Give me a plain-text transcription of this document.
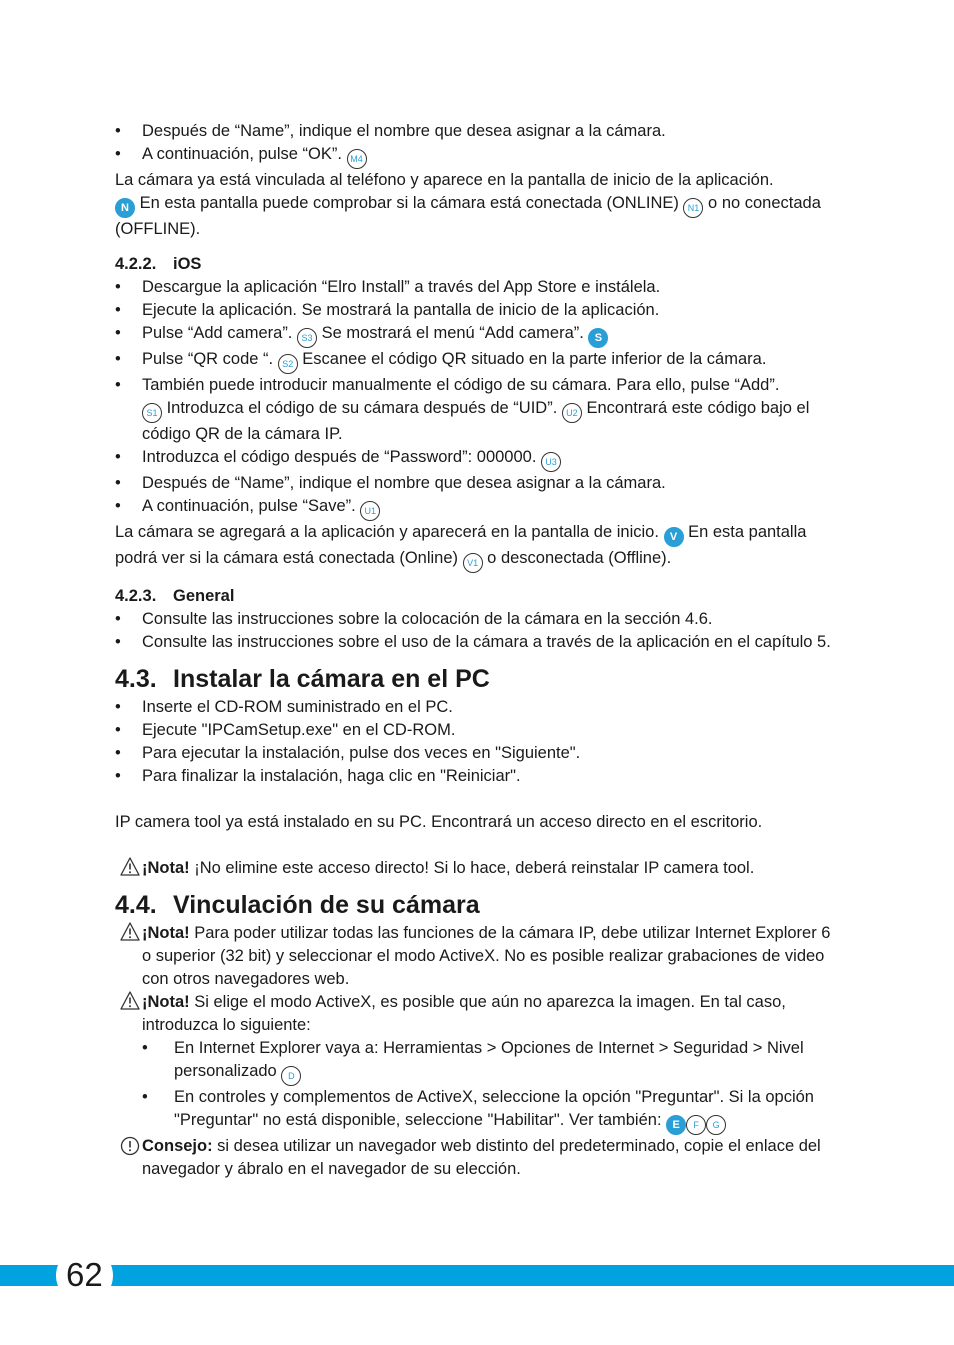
• Después de “Name”, indique el nombre que desea asignar a la cámara.

• A continuación, pulse “OK”. M4

La cámara ya está vinculada al teléfono y aparece en la pantalla de inicio de la aplicación.
N En esta pantalla puede comprobar si la cámara está conectada (ONLINE) N1 o no conectada (OFFLINE).

4.2.2. iOS

• Descargue la aplicación “Elro Install” a través del App Store e instálela.

• Ejecute la aplicación. Se mostrará la pantalla de inicio de la aplicación.

• Pulse “Add camera”. S3 Se mostrará el menú “Add camera”. S

• Pulse “QR code “. S2 Escanee el código QR situado en la parte inferior de la cámara.

• También puede introducir manualmente el código de su cámara. Para ello, pulse “Add”.
S1 Introduzca el código de su cámara después de “UID”. U2 Encontrará este código bajo el código QR de la cámara IP.

• Introduzca el código después de “Password”: 000000. U3

• Después de “Name”, indique el nombre que desea asignar a la cámara.

• A continuación, pulse “Save”. U1

La cámara se agregará a la aplicación y aparecerá en la pantalla de inicio. V En esta pantalla podrá ver si la cámara está conectada (Online) V1 o desconectada (Offline).

4.2.3. General

• Consulte las instrucciones sobre la colocación de la cámara en la sección 4.6.

• Consulte las instrucciones sobre el uso de la cámara a través de la aplicación en el capítulo 5.

4.3. Instalar la cámara en el PC

• Inserte el CD-ROM suministrado en el PC.

• Ejecute "IPCamSetup.exe" en el CD-ROM.

• Para ejecutar la instalación, pulse dos veces en "Siguiente".

• Para finalizar la instalación, haga clic en "Reiniciar".

IP camera tool ya está instalado en su PC. Encontrará un acceso directo en el escritorio.

¡Nota! ¡No elimine este acceso directo! Si lo hace, deberá reinstalar IP camera tool.

4.4. Vinculación de su cámara

¡Nota! Para poder utilizar todas las funciones de la cámara IP, debe utilizar Internet Explorer 6 o superior (32 bit) y seleccionar el modo ActiveX. No es posible realizar grabaciones de video con otros navegadores web.

¡Nota! Si elige el modo ActiveX, es posible que aún no aparezca la imagen. En tal caso, introduzca lo siguiente:

• En Internet Explorer vaya a: Herramientas > Opciones de Internet > Seguridad > Nivel personalizado D

• En controles y complementos de ActiveX, seleccione la opción "Preguntar". Si la opción "Preguntar" no está disponible, seleccione "Habilitar". Ver también: E F G

Consejo: si desea utilizar un navegador web distinto del predeterminado, copie el enlace del navegador y ábralo en el navegador de su elección.

62
